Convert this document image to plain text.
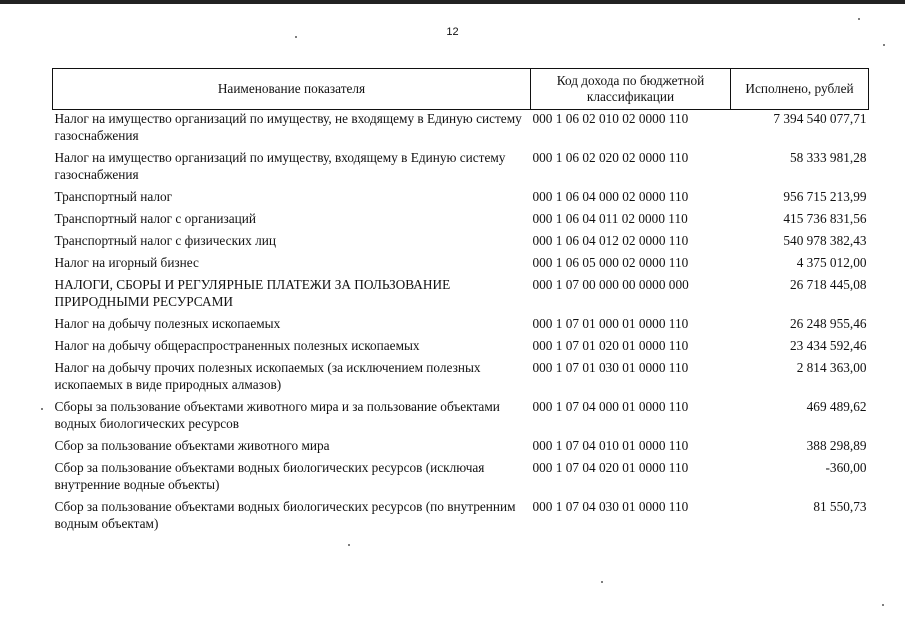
12
Наименование показателя	Код дохода по бюджетной классификации	Исполнено, рублей
Налог на имущество организаций по имуществу, не входящему в Единую систему газоснабжения	000 1 06 02 010 02 0000 110	7 394 540 077,71
Налог на имущество организаций по имуществу, входящему в Единую систему газоснабжения	000 1 06 02 020 02 0000 110	58 333 981,28
Транспортный налог	000 1 06 04 000 02 0000 110	956 715 213,99
Транспортный налог с организаций	000 1 06 04 011 02 0000 110	415 736 831,56
Транспортный налог с физических лиц	000 1 06 04 012 02 0000 110	540 978 382,43
Налог на игорный бизнес	000 1 06 05 000 02 0000 110	4 375 012,00
НАЛОГИ, СБОРЫ И РЕГУЛЯРНЫЕ ПЛАТЕЖИ ЗА ПОЛЬЗОВАНИЕ ПРИРОДНЫМИ РЕСУРСАМИ	000 1 07 00 000 00 0000 000	26 718 445,08
Налог на добычу полезных ископаемых	000 1 07 01 000 01 0000 110	26 248 955,46
Налог на добычу общераспространенных полезных ископаемых	000 1 07 01 020 01 0000 110	23 434 592,46
Налог на добычу прочих полезных ископаемых (за исключением полезных ископаемых в виде природных алмазов)	000 1 07 01 030 01 0000 110	2 814 363,00
Сборы за пользование объектами животного мира и за пользование объектами водных биологических ресурсов	000 1 07 04 000 01 0000 110	469 489,62
Сбор за пользование объектами животного мира	000 1 07 04 010 01 0000 110	388 298,89
Сбор за пользование объектами водных биологических ресурсов (исключая внутренние водные объекты)	000 1 07 04 020 01 0000 110	-360,00
Сбор за пользование объектами водных биологических ресурсов (по внутренним водным объектам)	000 1 07 04 030 01 0000 110	81 550,73
